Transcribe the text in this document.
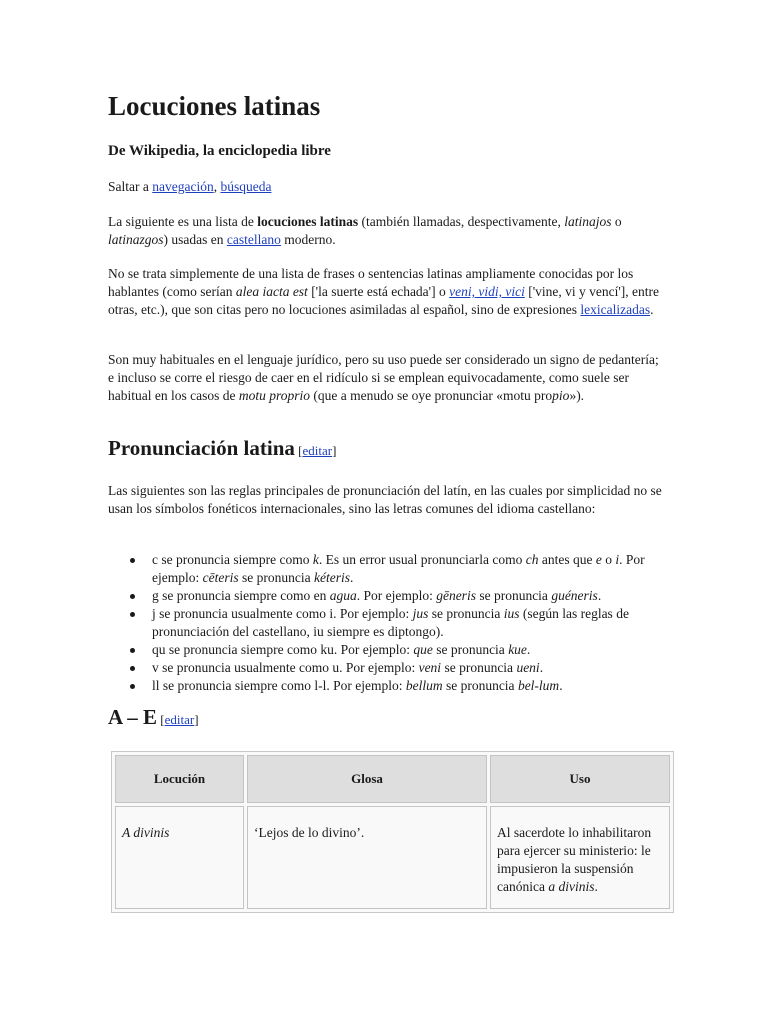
Locuciones latinas
De Wikipedia, la enciclopedia libre
Saltar a navegación, búsqueda

La siguiente es una lista de locuciones latinas (también llamadas, despectivamente, latinajos o latinazgos) usadas en castellano moderno.

No se trata simplemente de una lista de frases o sentencias latinas ampliamente conocidas por los hablantes (como serían alea iacta est ['la suerte está echada'] o veni, vidi, vici ['vine, vi y vencí'], entre otras, etc.), que son citas pero no locuciones asimiladas al español, sino de expresiones lexicalizadas.

Son muy habituales en el lenguaje jurídico, pero su uso puede ser considerado un signo de pedantería; e incluso se corre el riesgo de caer en el ridículo si se emplean equivocadamente, como suele ser habitual en los casos de motu proprio (que a menudo se oye pronunciar «motu propio»).

Pronunciación latina [editar]

Las siguientes son las reglas principales de pronunciación del latín, en las cuales por simplicidad no se usan los símbolos fonéticos internacionales, sino las letras comunes del idioma castellano:

c se pronuncia siempre como k. Es un error usual pronunciarla como ch antes que e o i. Por ejemplo: cēteris se pronuncia kéteris.
g se pronuncia siempre como en agua. Por ejemplo: gēneris se pronuncia guéneris.
j se pronuncia usualmente como i. Por ejemplo: jus se pronuncia ius (según las reglas de pronunciación del castellano, iu siempre es diptongo).
qu se pronuncia siempre como ku. Por ejemplo: que se pronuncia kue.
v se pronuncia usualmente como u. Por ejemplo: veni se pronuncia ueni.
ll se pronuncia siempre como l-l. Por ejemplo: bellum se pronuncia bel-lum.
A – E [editar]
Locución	Glosa	Uso
A divinis	‘Lejos de lo divino’.	Al sacerdote lo inhabilitaron para ejercer su ministerio: le impusieron la suspensión canónica a divinis.
